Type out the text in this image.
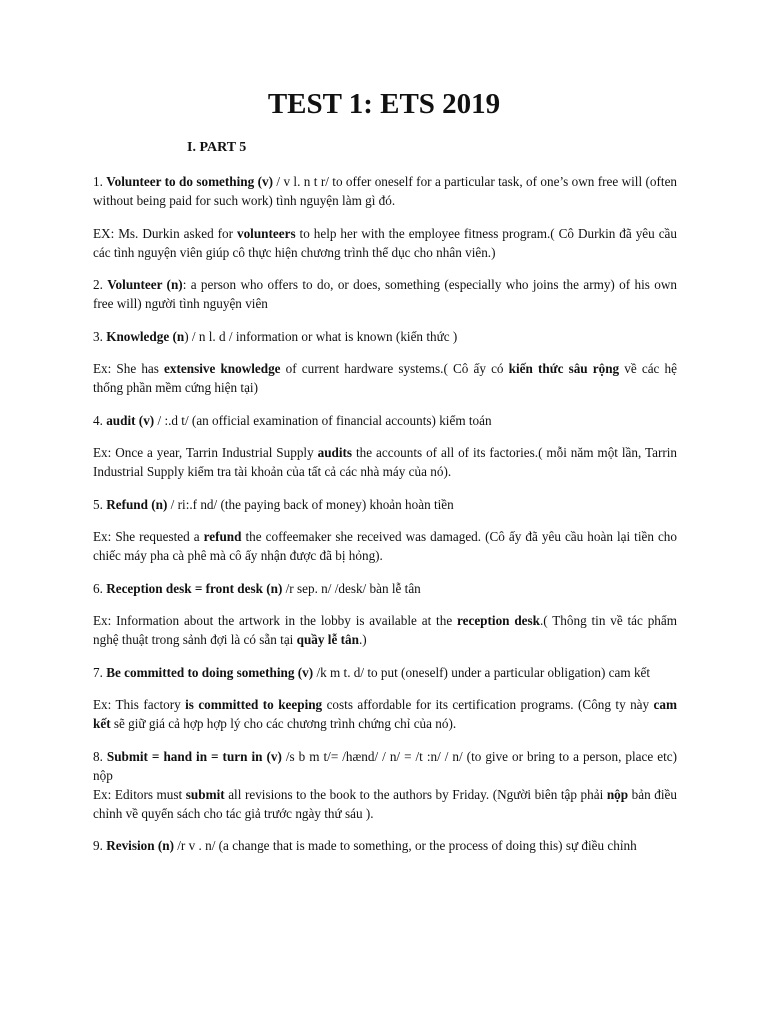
TEST 1: ETS 2019
I. PART 5

1. Volunteer to do something (v) / v l. n t r/ to offer oneself for a particular task, of one’s own free will (often without being paid for such work) tình nguyện làm gì đó.

EX: Ms. Durkin asked for volunteers to help her with the employee fitness program.( Cô Durkin đã yêu cầu các tình nguyện viên giúp cô thực hiện chương trình thể dục cho nhân viên.)

2. Volunteer (n): a person who offers to do, or does, something (especially who joins the army) of his own free will) người tình nguyện viên

3. Knowledge (n) / n l. d / information or what is known (kiến thức )

Ex: She has extensive knowledge of current hardware systems.( Cô ấy có kiến thức sâu rộng về các hệ thống phần mềm cứng hiện tại)

4. audit (v) / :.d t/ (an official examination of financial accounts) kiểm toán

Ex: Once a year, Tarrin Industrial Supply audits the accounts of all of its factories.( mỗi năm một lần, Tarrin Industrial Supply kiểm tra tài khoản của tất cả các nhà máy của nó).

5. Refund (n) / ri:.f nd/ (the paying back of money) khoản hoàn tiền

Ex: She requested a refund the coffeemaker she received was damaged. (Cô ấy đã yêu cầu hoàn lại tiền cho chiếc máy pha cà phê mà cô ấy nhận được đã bị hỏng).

6. Reception desk = front desk (n) /r sep. n/ /desk/ bàn lễ tân

Ex: Information about the artwork in the lobby is available at the reception desk.( Thông tin về tác phẩm nghệ thuật trong sảnh đợi là có sẵn tại quầy lễ tân.)

7. Be committed to doing something (v) /k m t. d/ to put (oneself) under a particular obligation) cam kết

Ex: This factory is committed to keeping costs affordable for its certification programs. (Công ty này cam kết sẽ giữ giá cả hợp hợp lý cho các chương trình chứng chỉ của nó).

8. Submit = hand in = turn in (v) /s b m t/= /hænd/ / n/ = /t :n/ / n/ (to give or bring to a person, place etc) nộp

Ex: Editors must submit all revisions to the book to the authors by Friday. (Người biên tập phải nộp bản điều chỉnh về quyển sách cho tác giả trước ngày thứ sáu ).

9. Revision (n) /r v . n/ (a change that is made to something, or the process of doing this) sự điều chỉnh
